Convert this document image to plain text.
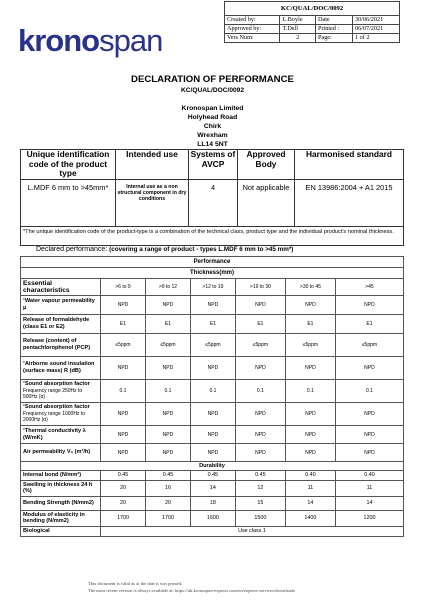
kronospan
KC/QUAL/DOC/0092			
Created by:	L.Boyle	Date	30/06/2021
Approved by:	T.Dell	Printed :	06/07/2021
Vers Num:	2	Page:	1 of 2
DECLARATION OF PERFORMANCE
KC/QUAL/DOC/0092
Kronospan Limited
Holyhead Road
Chirk
Wrexham
LL14 5NT
Unique identification code of the product type	Intended use	Systems of AVCP	Approved Body	Harmonised standard
L.MDF 6 mm to >45mm*	Internal use as a non structural component in dry conditions	4	Not applicable	EN 13986:2004 + A1 2015
*The unique identification code of the product-type is a combination of the technical class, product type and the individual product's nominal thickness.				
Declared performance: (covering a range of product - types L.MDF 6 mm to >45 mm*)
Performance						
Thickness(mm)						
Essential characteristics	>6 to 9	>9 to 12	>12 to 19	>19 to 30	>30 to 45	>45
¹Water vapour permeability μ	NPD	NPD	NPD	NPD	NPD	NPD
Release of formaldehyde (class E1 or E2)	E1	E1	E1	E1	E1	E1
Release (content) of pentachlorophenol (PCP)	≤5ppm	≤5ppm	≤5ppm	≤5ppm	≤5ppm	≤5ppm
¹Airborne sound insulation (surface mass) R (dB)	NPD	NPD	NPD	NPD	NPD	NPD
¹Sound absorption factor Frequency range 250Hz to 500Hz (α)	0.1	0.1	0.1	0.1	0.1	0.1
¹Sound absorption factor Frequency range 1000Hz to 2000Hz (α)	NPD	NPD	NPD	NPD	NPD	NPD
¹Thermal conductivity λ (W/mK)	NPD	NPD	NPD	NPD	NPD	NPD
Air permeability V₀ (m³/h)	NPD	NPD	NPD	NPD	NPD	NPD
Durability						
Internal bond (N/mm²)	0.45	0.45	0.45	0.45	0.40	0.40
Swelling in thickness 24 h (%)	20	16	14	12	11	11
Bending Strength (N/mm2)	20	20	18	15	14	14
Modulus of elasticity in bending (N/mm2)	1700	1700	1600	1500	1400	1200
Biological	Use class 1					
This document is valid as at the date it was printed.
The most recent version is always available at: https://uk.kronospan-express.com/en/express-services/downloads
